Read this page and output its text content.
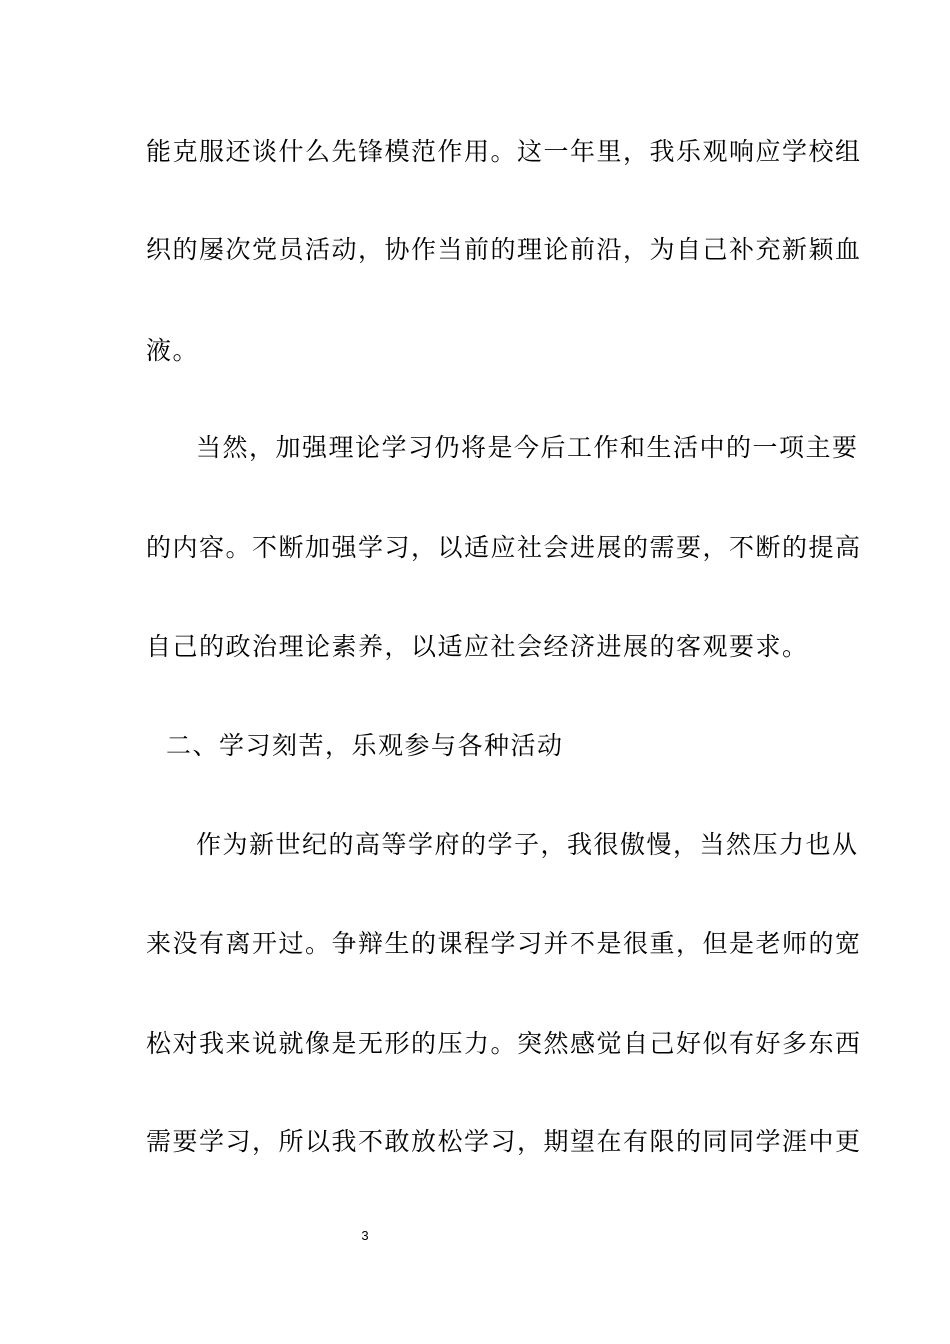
能克服还谈什么先锋模范作用。这一年里，我乐观响应学校组
织的屡次党员活动，协作当前的理论前沿，为自己补充新颖血
液。
当然，加强理论学习仍将是今后工作和生活中的一项主要
的内容。不断加强学习，以适应社会进展的需要，不断的提高
自己的政治理论素养，以适应社会经济进展的客观要求。
二、学习刻苦，乐观参与各种活动
作为新世纪的高等学府的学子，我很傲慢，当然压力也从
来没有离开过。争辩生的课程学习并不是很重，但是老师的宽
松对我来说就像是无形的压力。突然感觉自己好似有好多东西
需要学习，所以我不敢放松学习，期望在有限的同同学涯中更
3
